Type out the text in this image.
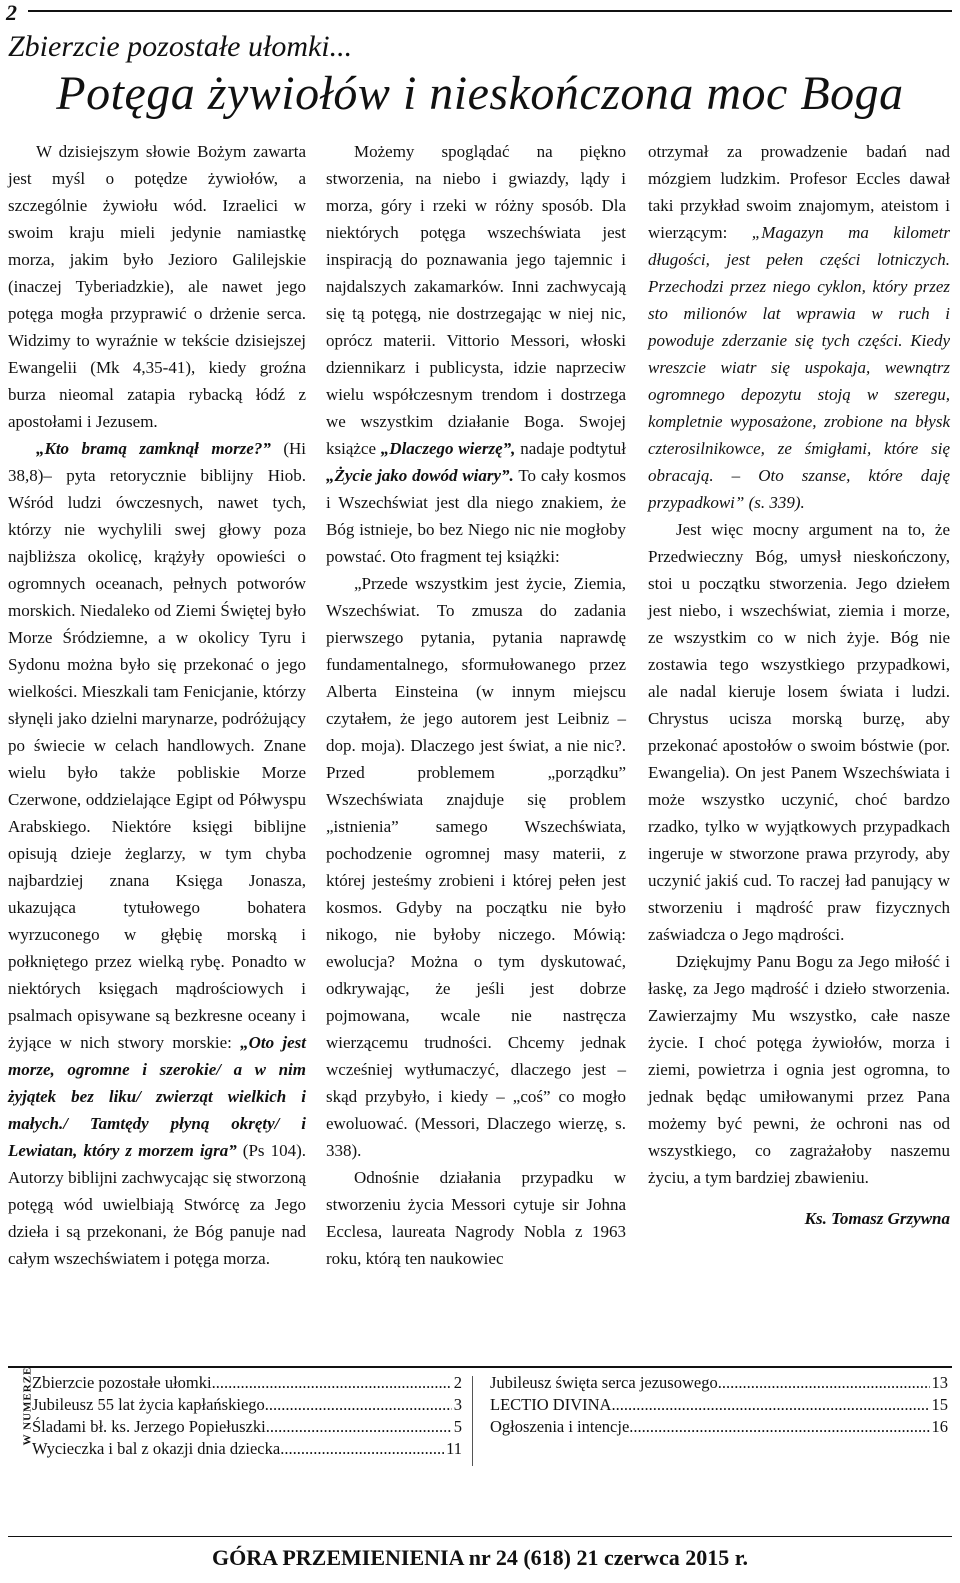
2
Zbierzcie pozostałe ułomki...
Potęga żywiołów i nieskończona moc Boga

W dzisiejszym słowie Bożym zawarta jest myśl o potędze żywiołów, a szczególnie żywiołu wód. Izraelici w swoim kraju mieli jedynie namiastkę morza, jakim było Jezioro Galilejskie (inaczej Tyberiadzkie), ale nawet jego potęga mogła przyprawić o drżenie serca. Widzimy to wyraźnie w tekście dzisiejszej Ewangelii (Mk 4,35-41), kiedy groźna burza nieomal zatapia rybacką łódź z apostołami i Jezusem.

„Kto bramą zamknął morze?” (Hi 38,8)– pyta retorycznie biblijny Hiob. Wśród ludzi ówczesnych, nawet tych, którzy nie wychylili swej głowy poza najbliższa okolicę, krążyły opowieści o ogromnych oceanach, pełnych potworów morskich. Niedaleko od Ziemi Świętej było Morze Śródziemne, a w okolicy Tyru i Sydonu można było się przekonać o jego wielkości. Mieszkali tam Fenicjanie, którzy słynęli jako dzielni marynarze, podróżujący po świecie w celach handlowych. Znane wielu było także pobliskie Morze Czerwone, oddzielające Egipt od Półwyspu Arabskiego. Niektóre księgi biblijne opisują dzieje żeglarzy, w tym chyba najbardziej znana Księga Jonasza, ukazująca tytułowego bohatera wyrzuconego w głębię morską i połkniętego przez wielką rybę. Ponadto w niektórych księgach mądrościowych i psalmach opisywane są bezkresne oceany i żyjące w nich stwory morskie: „Oto jest morze, ogromne i szerokie/ a w nim żyjątek bez liku/ zwierząt wielkich i małych./ Tamtędy płyną okręty/ i Lewiatan, który z morzem igra” (Ps 104). Autorzy biblijni zachwycając się stworzoną potęgą wód uwielbiają Stwórcę za Jego dzieła i są przekonani, że Bóg panuje nad całym wszechświatem i potęga morza.

Możemy spoglądać na piękno stworzenia, na niebo i gwiazdy, lądy i morza, góry i rzeki w różny sposób. Dla niektórych potęga wszechświata jest inspiracją do poznawania jego tajemnic i najdalszych zakamarków. Inni zachwycają się tą potęgą, nie dostrzegając w niej nic, oprócz materii. Vittorio Messori, włoski dziennikarz i publicysta, idzie naprzeciw wielu współczesnym trendom i dostrzega we wszystkim działanie Boga. Swojej książce „Dlaczego wierzę”, nadaje podtytuł „Życie jako dowód wiary”. To cały kosmos i Wszechświat jest dla niego znakiem, że Bóg istnieje, bo bez Niego nic nie mogłoby powstać. Oto fragment tej książki:

„Przede wszystkim jest życie, Ziemia, Wszechświat. To zmusza do zadania pierwszego pytania, pytania naprawdę fundamentalnego, sformułowanego przez Alberta Einsteina (w innym miejscu czytałem, że jego autorem jest Leibniz – dop. moja). Dlaczego jest świat, a nie nic?. Przed problemem „porządku” Wszechświata znajduje się problem „istnienia” samego Wszechświata, pochodzenie ogromnej masy materii, z której jesteśmy zrobieni i której pełen jest kosmos. Gdyby na początku nie było nikogo, nie byłoby niczego. Mówią: ewolucja? Można o tym dyskutować, odkrywając, że jeśli jest dobrze pojmowana, wcale nie nastręcza wierzącemu trudności. Chcemy jednak wcześniej wytłumaczyć, dlaczego jest – skąd przybyło, i kiedy – „coś” co mogło ewoluować. (Messori, Dlaczego wierzę, s. 338).

Odnośnie działania przypadku w stworzeniu życia Messori cytuje sir Johna Ecclesa, laureata Nagrody Nobla z 1963 roku, którą ten naukowiec

otrzymał za prowadzenie badań nad mózgiem ludzkim. Profesor Eccles dawał taki przykład swoim znajomym, ateistom i wierzącym: „Magazyn ma kilometr długości, jest pełen części lotniczych. Przechodzi przez niego cyklon, który przez sto milionów lat wprawia w ruch i powoduje zderzanie się tych części. Kiedy wreszcie wiatr się uspokaja, wewnątrz ogromnego depozytu stoją w szeregu, kompletnie wyposażone, zrobione na błysk czterosilnikowce, ze śmigłami, które się obracają. – Oto szanse, które daję przypadkowi” (s. 339).

Jest więc mocny argument na to, że Przedwieczny Bóg, umysł nieskończony, stoi u początku stworzenia. Jego dziełem jest niebo, i wszechświat, ziemia i morze, ze wszystkim co w nich żyje. Bóg nie zostawia tego wszystkiego przypadkowi, ale nadal kieruje losem świata i ludzi. Chrystus ucisza morską burzę, aby przekonać apostołów o swoim bóstwie (por. Ewangelia). On jest Panem Wszechświata i może wszystko uczynić, choć bardzo rzadko, tylko w wyjątkowych przypadkach ingeruje w stworzone prawa przyrody, aby uczynić jakiś cud. To raczej ład panujący w stworzeniu i mądrość praw fizycznych zaświadcza o Jego mądrości.

Dziękujmy Panu Bogu za Jego miłość i łaskę, za Jego mądrość i dzieło stworzenia. Zawierzajmy Mu wszystko, całe nasze życie. I choć potęga żywiołów, morza i ziemi, powietrza i ognia jest ogromna, to jednak będąc umiłowanymi przez Pana możemy być pewni, że ochroni nas od wszystkiego, co zagrażałoby naszemu życiu, a tym bardziej zbawieniu.

Ks. Tomasz Grzywna

W NUMERZE
Zbierzcie pozostałe ułomki .....	2
Jubileusz 55 lat życia kapłańskiego .....	3
Śladami bł. ks. Jerzego Popiełuszki .....	5
Wycieczka i bal z okazji dnia dziecka .....	11
Jubileusz święta serca jezusowego .....	13
LECTIO DIVINA .....	15
Ogłoszenia i intencje .....	16
GÓRA PRZEMIENIENIA nr 24 (618) 21 czerwca 2015 r.
